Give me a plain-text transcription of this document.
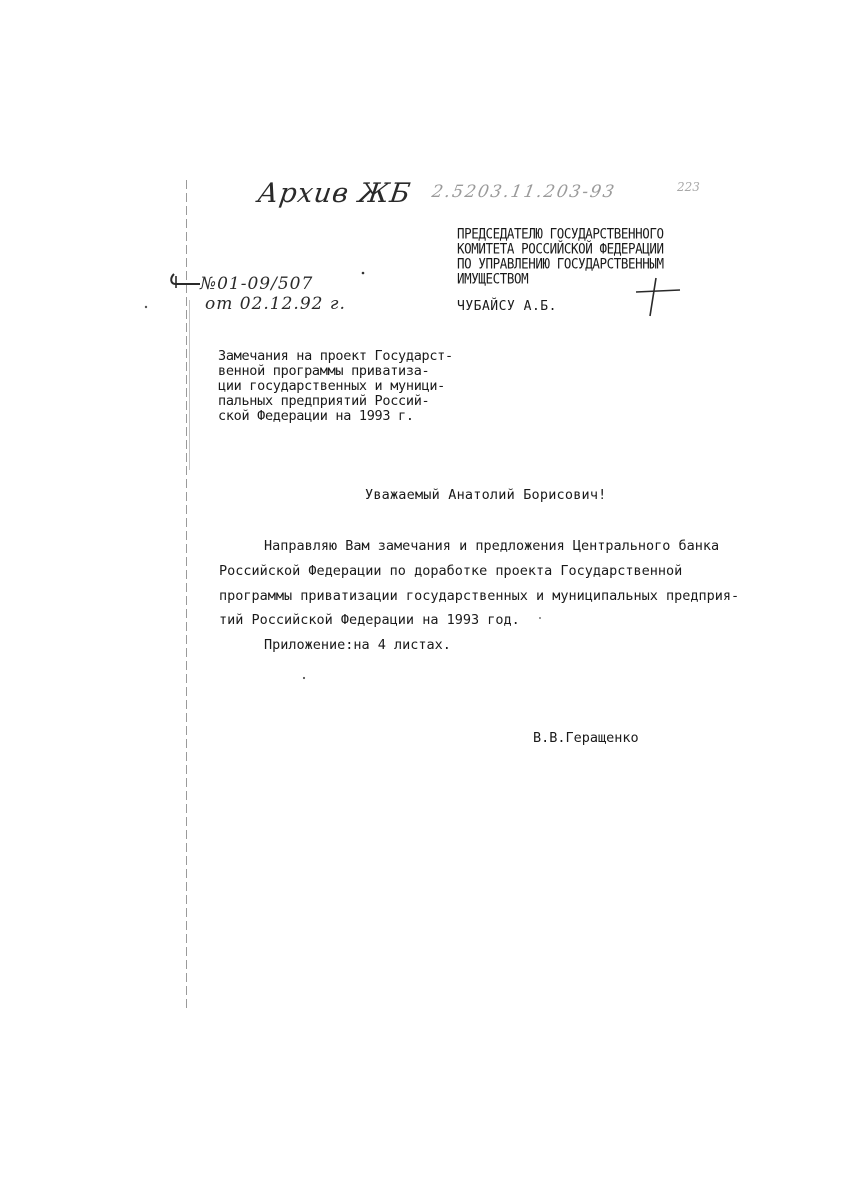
Архив ЖБ 2.5203.11.203-93	223
№01-09/507
от 02.12.92 г.
ПРЕДСЕДАТЕЛЮ ГОСУДАРСТВЕННОГО
КОМИТЕТА РОССИЙСКОЙ ФЕДЕРАЦИИ
ПО УПРАВЛЕНИЮ ГОСУДАРСТВЕННЫМ
ИМУЩЕСТВОМ
ЧУБАЙСУ А.Б.
Замечания на проект Государст-
венной программы приватиза-
ции государственных и муници-
пальных предприятий Россий-
ской Федерации на 1993 г.
Уважаемый Анатолий Борисович!
Направляю Вам замечания и предложения Центрального банка
Российской Федерации по доработке проекта Государственной
программы приватизации государственных и муниципальных предприя-
тий Российской Федерации на 1993 год.
Приложение:на 4 листах.
В.В.Геращенко
